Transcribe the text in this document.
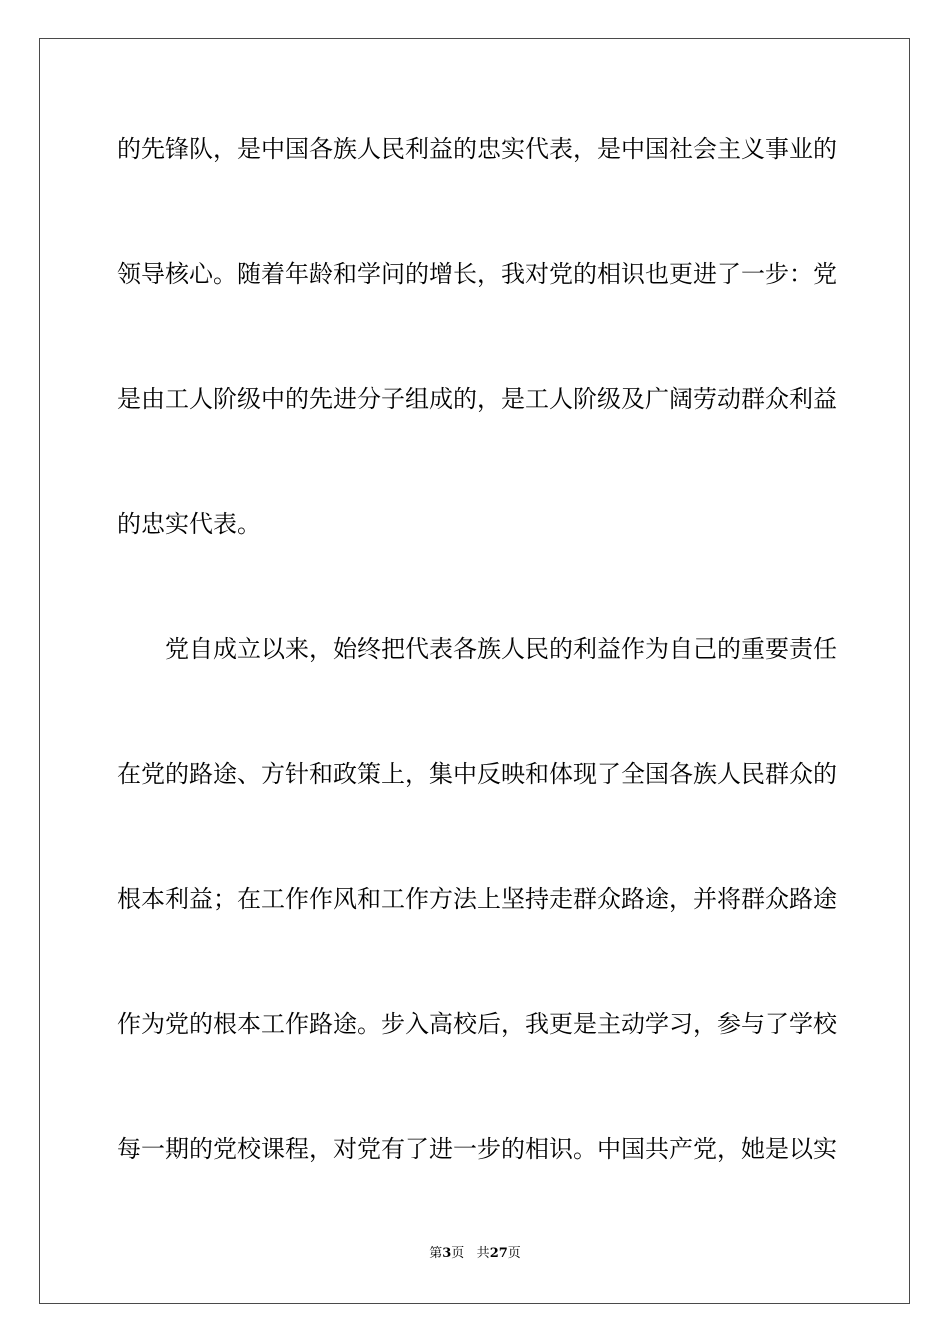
的先锋队，是中国各族人民利益的忠实代表，是中国社会主义事业的
领导核心。随着年龄和学问的增长，我对党的相识也更进了一步：党
是由工人阶级中的先进分子组成的，是工人阶级及广阔劳动群众利益
的忠实代表。
党自成立以来，始终把代表各族人民的利益作为自己的重要责任
在党的路途、方针和政策上，集中反映和体现了全国各族人民群众的
根本利益；在工作作风和工作方法上坚持走群众路途，并将群众路途
作为党的根本工作路途。步入高校后，我更是主动学习，参与了学校
每一期的党校课程，对党有了进一步的相识。中国共产党，她是以实
第3页 共27页
